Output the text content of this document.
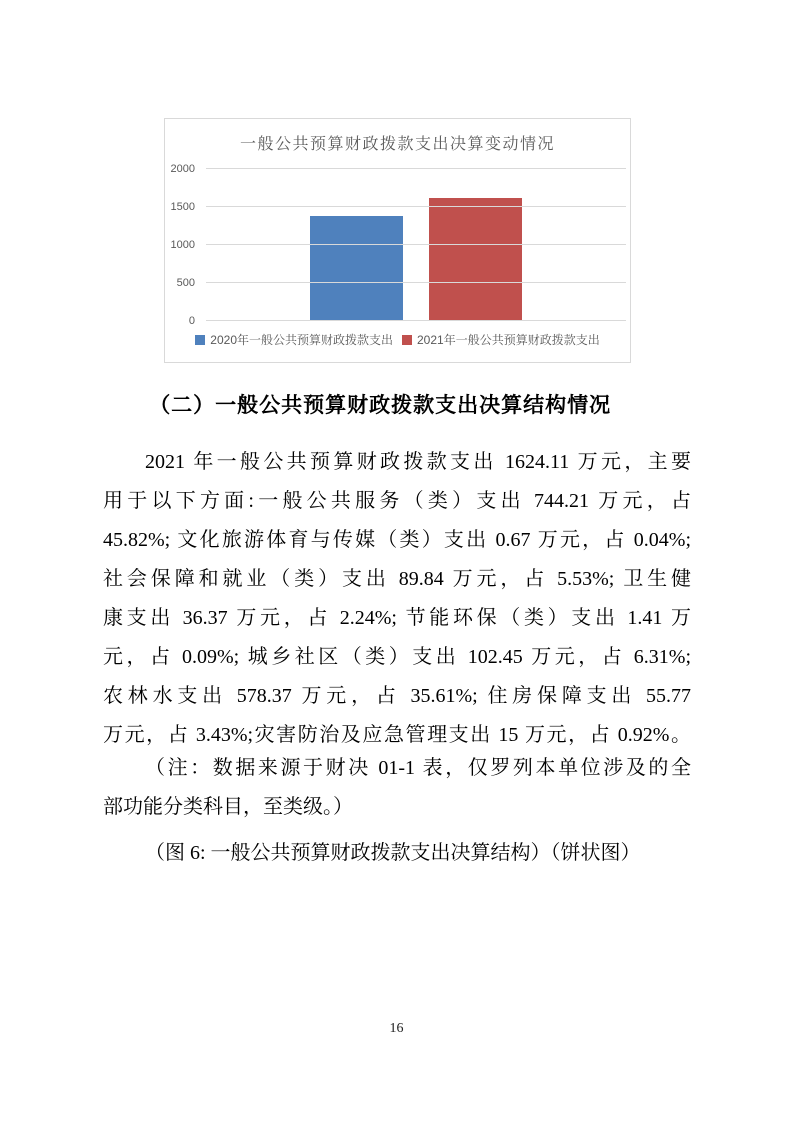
一般公共预算财政拨款支出决算变动情况
0
500
1000
1500
2000
2020年一般公共预算财政拨款支出 2021年一般公共预算财政拨款支出
（二）一般公共预算财政拨款支出决算结构情况
2021 年一般公共预算财政拨款支出 1624.11 万元，主要
用于以下方面:一般公共服务（类）支出 744.21 万元，占
45.82%; 文化旅游体育与传媒（类）支出 0.67 万元，占 0.04%;
社会保障和就业（类）支出 89.84 万元，占 5.53%; 卫生健
康支出 36.37 万元，占 2.24%; 节能环保（类）支出 1.41 万
元，占 0.09%; 城乡社区（类）支出 102.45 万元，占 6.31%;
农林水支出 578.37 万元，占 35.61%; 住房保障支出 55.77
万元，占 3.43%;灾害防治及应急管理支出 15 万元，占 0.92%。
（注：数据来源于财决 01-1 表，仅罗列本单位涉及的全
部功能分类科目，至类级。）
（图 6: 一般公共预算财政拨款支出决算结构）（饼状图）
16
